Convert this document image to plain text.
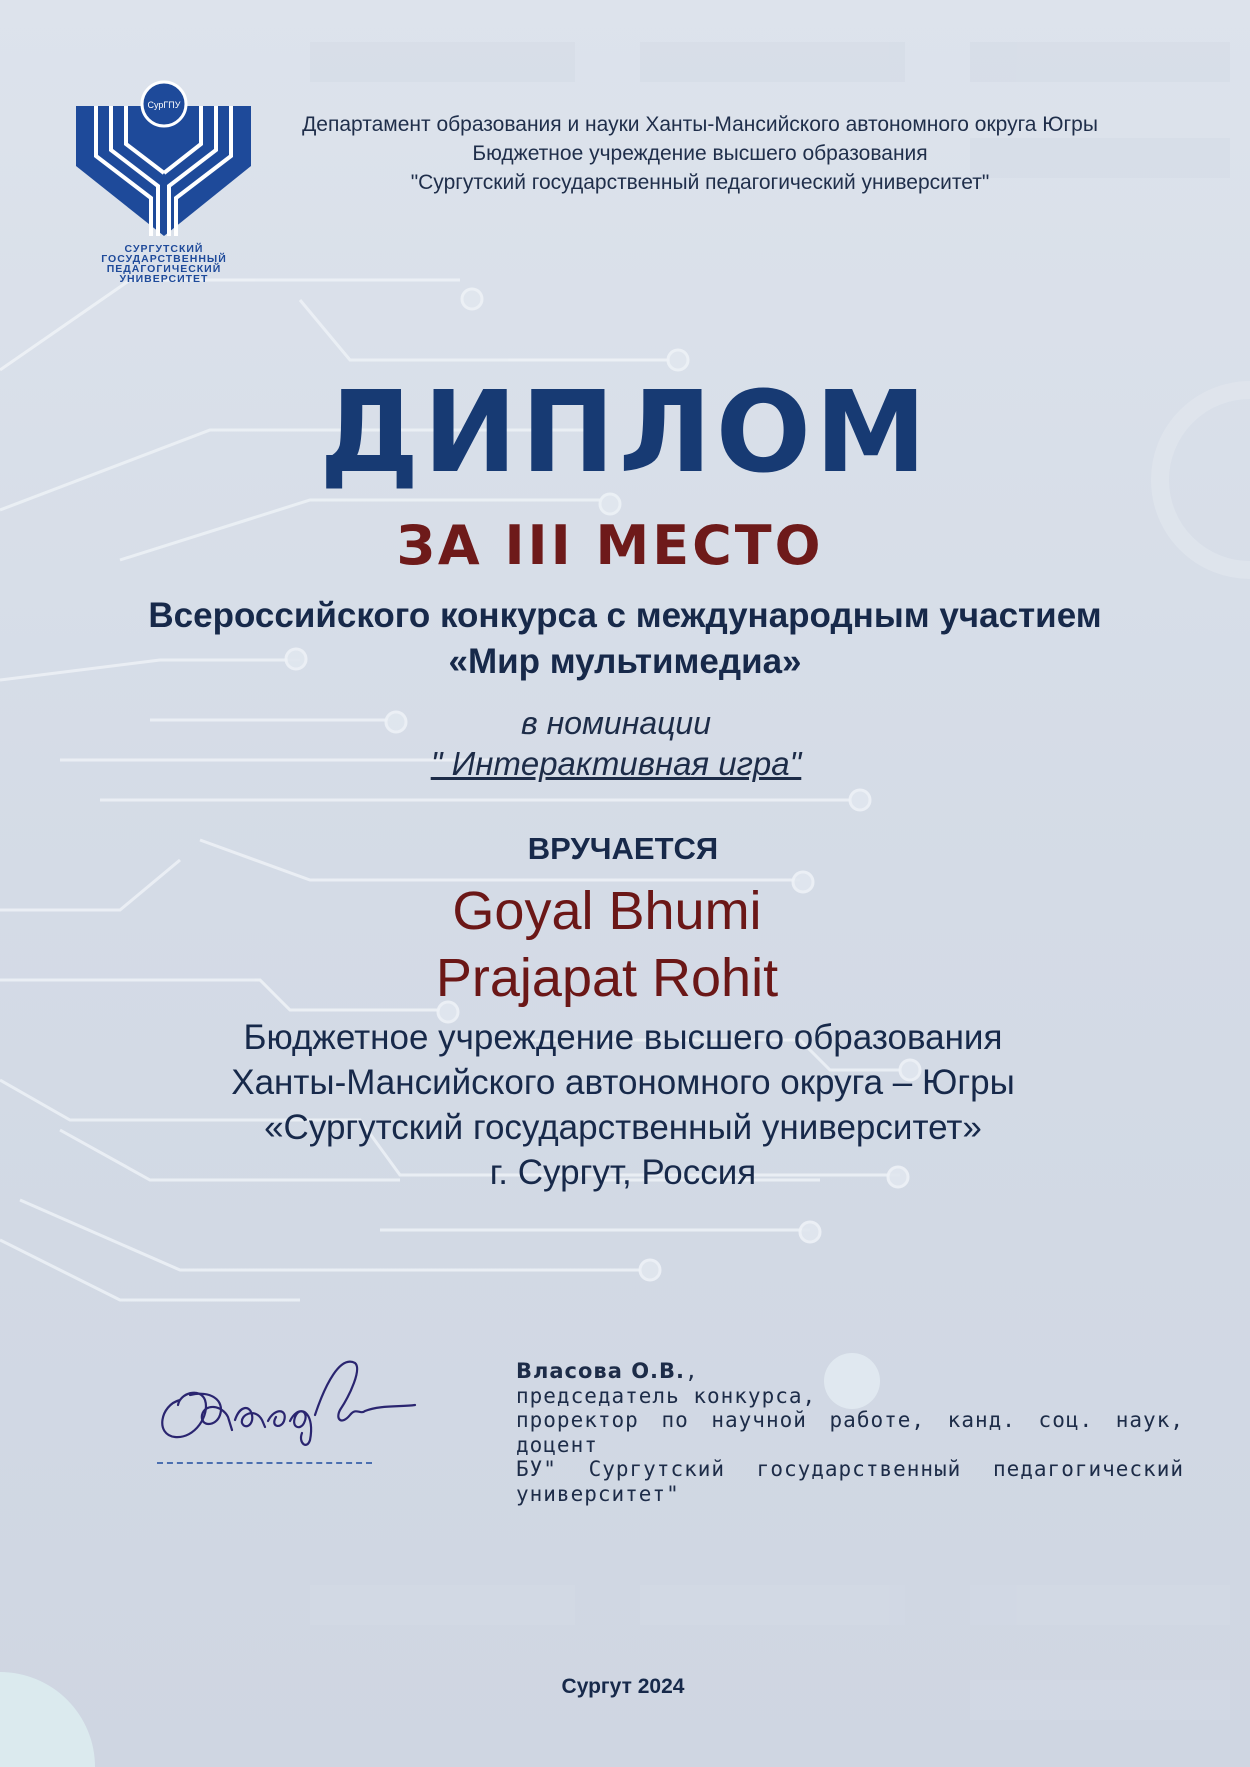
СурГПУ
СУРГУТСКИЙ
ГОСУДАРСТВЕННЫЙ
ПЕДАГОГИЧЕСКИЙ
УНИВЕРСИТЕТ
Департамент образования и науки Ханты-Мансийского автономного округа Югры
Бюджетное учреждение высшего образования
"Сургутский государственный педагогический университет"
ДИПЛОМ
ЗА III МЕСТО
Всероссийского конкурса с международным участием
«Мир мультимедиа»
в номинации
" Интерактивная игра"
ВРУЧАЕТСЯ
Goyal Bhumi
Prajapat Rohit
Бюджетное учреждение высшего образования
Ханты-Мансийского автономного округа – Югры
«Сургутский государственный университет»
г. Сургут, Россия
Власова О.В.,
председатель конкурса,
проректор по научной работе, канд. соц. наук, доцент
БУ" Сургутский государственный педагогический университет"
Сургут 2024
